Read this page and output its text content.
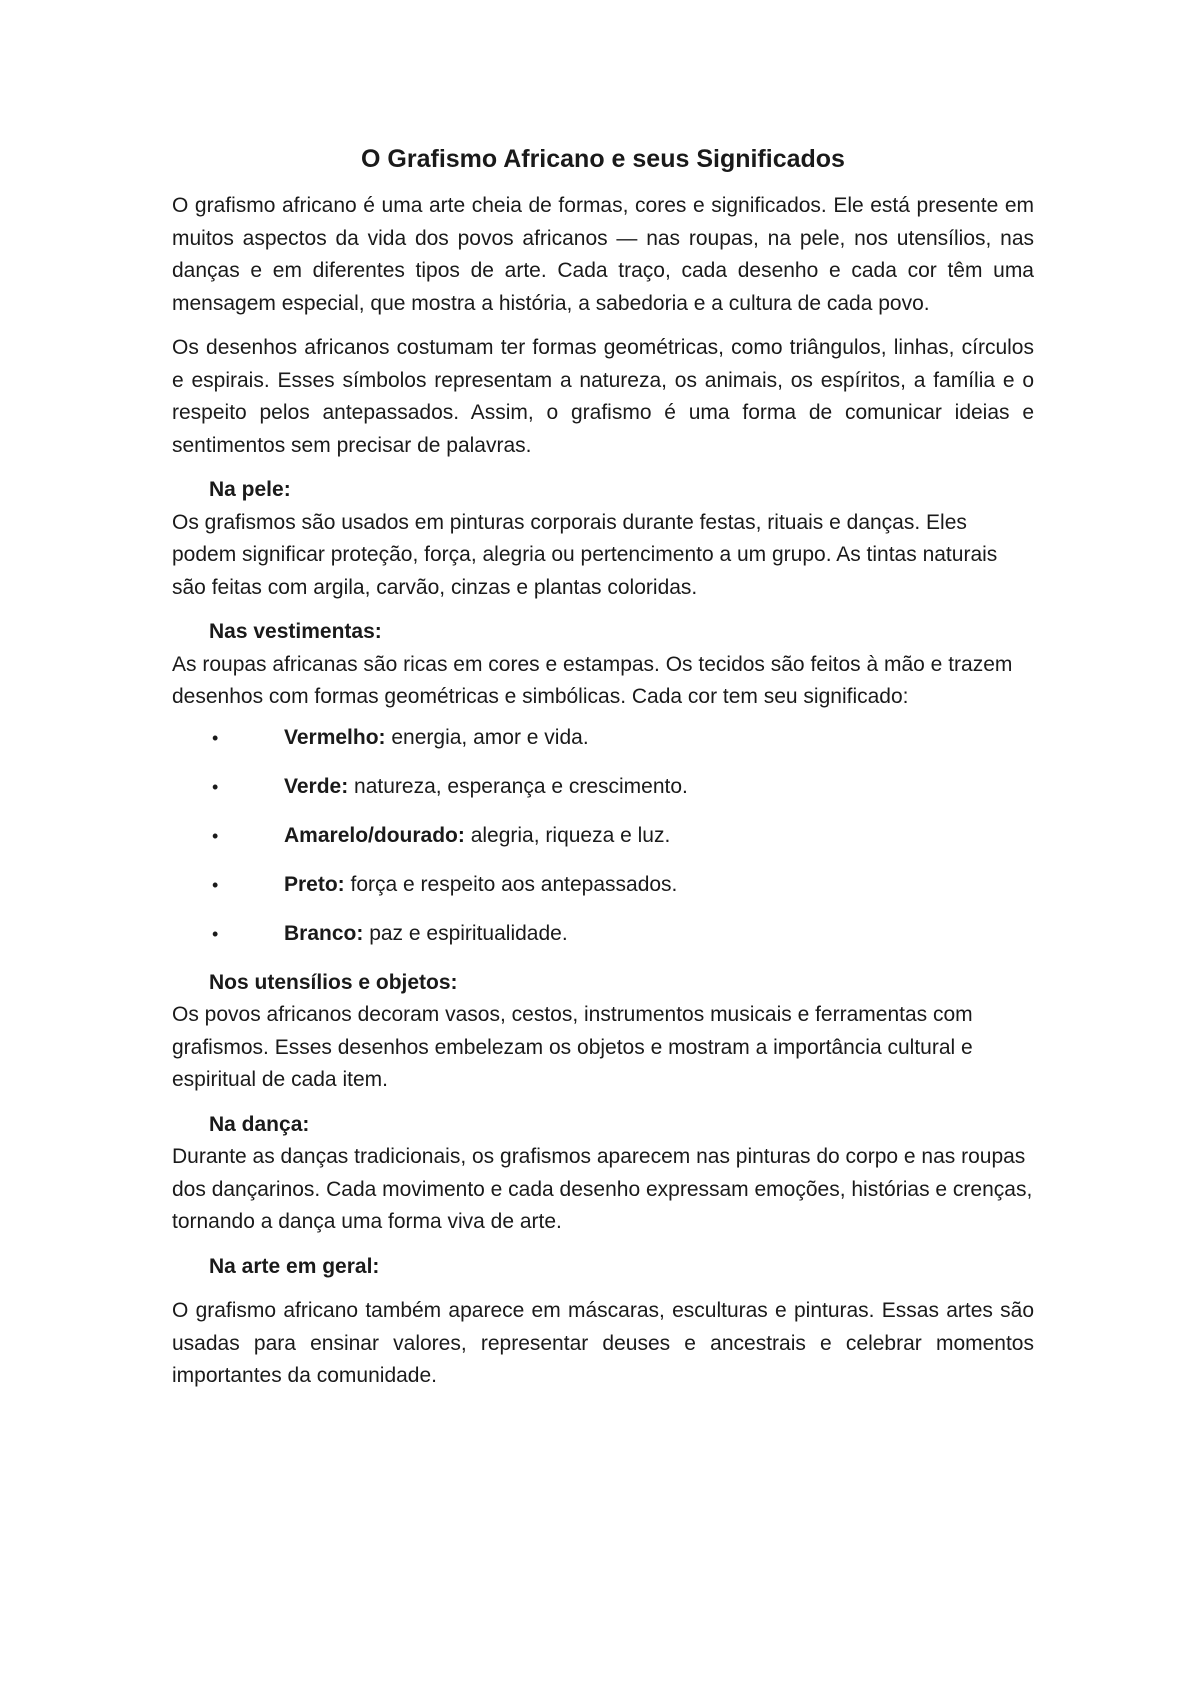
O Grafismo Africano e seus Significados

O grafismo africano é uma arte cheia de formas, cores e significados. Ele está presente em muitos aspectos da vida dos povos africanos — nas roupas, na pele, nos utensílios, nas danças e em diferentes tipos de arte. Cada traço, cada desenho e cada cor têm uma mensagem especial, que mostra a história, a sabedoria e a cultura de cada povo.

Os desenhos africanos costumam ter formas geométricas, como triângulos, linhas, círculos e espirais. Esses símbolos representam a natureza, os animais, os espíritos, a família e o respeito pelos antepassados. Assim, o grafismo é uma forma de comunicar ideias e sentimentos sem precisar de palavras.

Na pele:

Os grafismos são usados em pinturas corporais durante festas, rituais e danças. Eles podem significar proteção, força, alegria ou pertencimento a um grupo. As tintas naturais são feitas com argila, carvão, cinzas e plantas coloridas.

Nas vestimentas:

As roupas africanas são ricas em cores e estampas. Os tecidos são feitos à mão e trazem desenhos com formas geométricas e simbólicas. Cada cor tem seu significado:

•	Vermelho: energia, amor e vida.
•	Verde: natureza, esperança e crescimento.
•	Amarelo/dourado: alegria, riqueza e luz.
•	Preto: força e respeito aos antepassados.
•	Branco: paz e espiritualidade.
Nos utensílios e objetos:

Os povos africanos decoram vasos, cestos, instrumentos musicais e ferramentas com grafismos. Esses desenhos embelezam os objetos e mostram a importância cultural e espiritual de cada item.

Na dança:

Durante as danças tradicionais, os grafismos aparecem nas pinturas do corpo e nas roupas dos dançarinos. Cada movimento e cada desenho expressam emoções, histórias e crenças, tornando a dança uma forma viva de arte.

Na arte em geral:

O grafismo africano também aparece em máscaras, esculturas e pinturas. Essas artes são usadas para ensinar valores, representar deuses e ancestrais e celebrar momentos importantes da comunidade.
